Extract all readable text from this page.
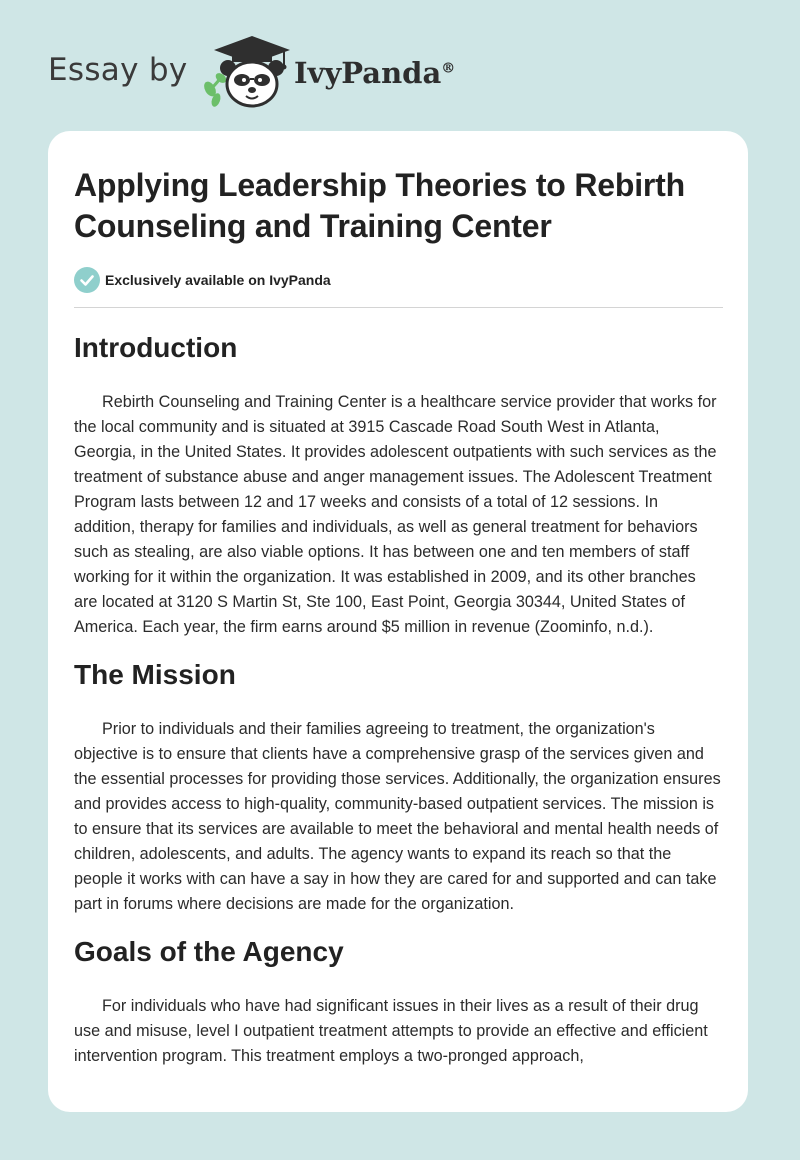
Essay by	IvyPanda®
Applying Leadership Theories to Rebirth Counseling and Training Center
Exclusively available on IvyPanda
Introduction

Rebirth Counseling and Training Center is a healthcare service provider that works for the local community and is situated at 3915 Cascade Road South West in Atlanta, Georgia, in the United States. It provides adolescent outpatients with such services as the treatment of substance abuse and anger management issues. The Adolescent Treatment Program lasts between 12 and 17 weeks and consists of a total of 12 sessions. In addition, therapy for families and individuals, as well as general treatment for behaviors such as stealing, are also viable options. It has between one and ten members of staff working for it within the organization. It was established in 2009, and its other branches are located at 3120 S Martin St, Ste 100, East Point, Georgia 30344, United States of America. Each year, the firm earns around $5 million in revenue (Zoominfo, n.d.).

The Mission

Prior to individuals and their families agreeing to treatment, the organization's objective is to ensure that clients have a comprehensive grasp of the services given and the essential processes for providing those services. Additionally, the organization ensures and provides access to high-quality, community-based outpatient services. The mission is to ensure that its services are available to meet the behavioral and mental health needs of children, adolescents, and adults. The agency wants to expand its reach so that the people it works with can have a say in how they are cared for and supported and can take part in forums where decisions are made for the organization.

Goals of the Agency

For individuals who have had significant issues in their lives as a result of their drug use and misuse, level I outpatient treatment attempts to provide an effective and efficient intervention program. This treatment employs a two-pronged approach,
